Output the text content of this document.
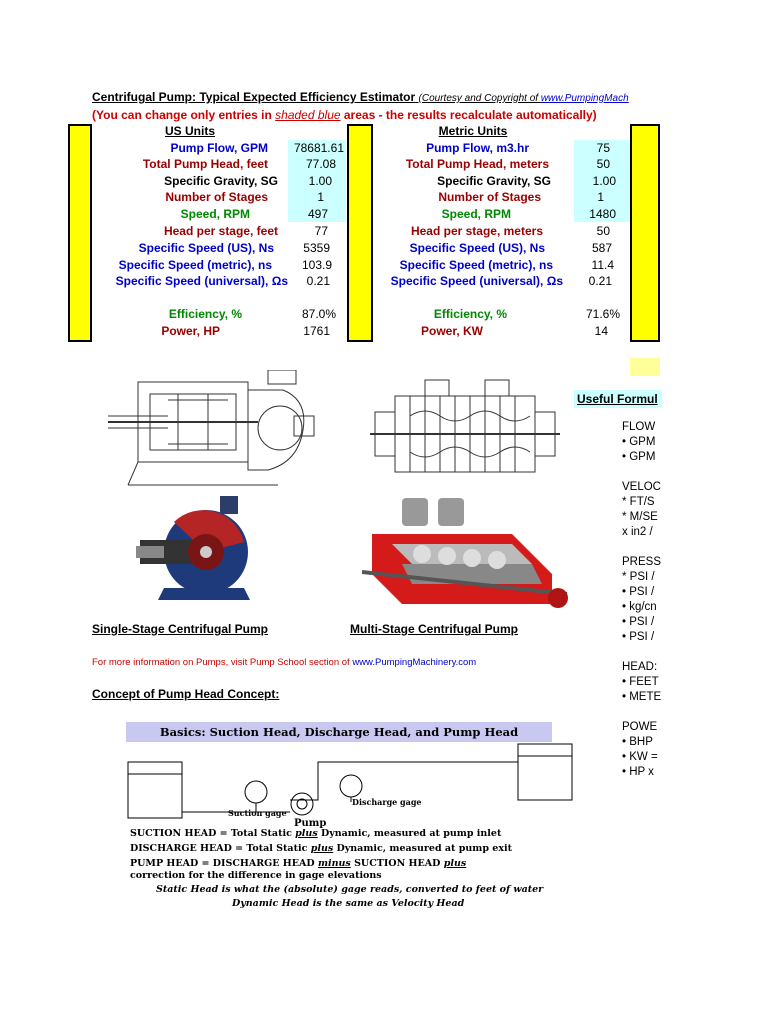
Centrifugal Pump: Typical Expected Efficiency Estimator (Courtesy and Copyright of www.PumpingMach
(You can change only entries in shaded blue areas - the results recalculate automatically)
US Units
Pump Flow, GPM	78681.61
Total Pump Head, feet	77.08
Specific Gravity, SG	1.00
Number of Stages	1
Speed, RPM	497
Head per stage, feet	77
Specific Speed (US), Ns	5359
Specific Speed (metric), ns	103.9
Specific Speed (universal), Ωs	0.21
Efficiency, %	87.0%
Power, HP	1761
Metric Units
Pump Flow, m3.hr	75
Total Pump Head, meters	50
Specific Gravity, SG	1.00
Number of Stages	1
Speed, RPM	1480
Head per stage, meters	50
Specific Speed (US), Ns	587
Specific Speed (metric), ns	11.4
Specific Speed (universal), Ωs	0.21
Efficiency, %	71.6%
Power, KW	14
Single-Stage Centrifugal Pump	Multi-Stage Centrifugal Pump
For more information on Pumps, visit Pump School section of www.PumpingMachinery.com
Concept of Pump Head Concept:
Basics: Suction Head, Discharge Head, and Pump Head
Suction gage
Discharge gage
Pump
SUCTION HEAD = Total Static plus Dynamic, measured at pump inlet
DISCHARGE HEAD = Total Static plus Dynamic, measured at pump exit
PUMP HEAD = DISCHARGE HEAD minus SUCTION HEAD plus
correction for the difference in gage elevations
Static Head is what the (absolute) gage reads, converted to feet of water
Dynamic Head is the same as Velocity Head
Useful Formul
FLOW
• GPM
• GPM

VELOC
* FT/S
* M/SE
x in2 /

PRESS
* PSI /
• PSI /
• kg/cn
• PSI /
• PSI /

HEAD:
• FEET
• METE

POWE
• BHP
• KW =
• HP x
